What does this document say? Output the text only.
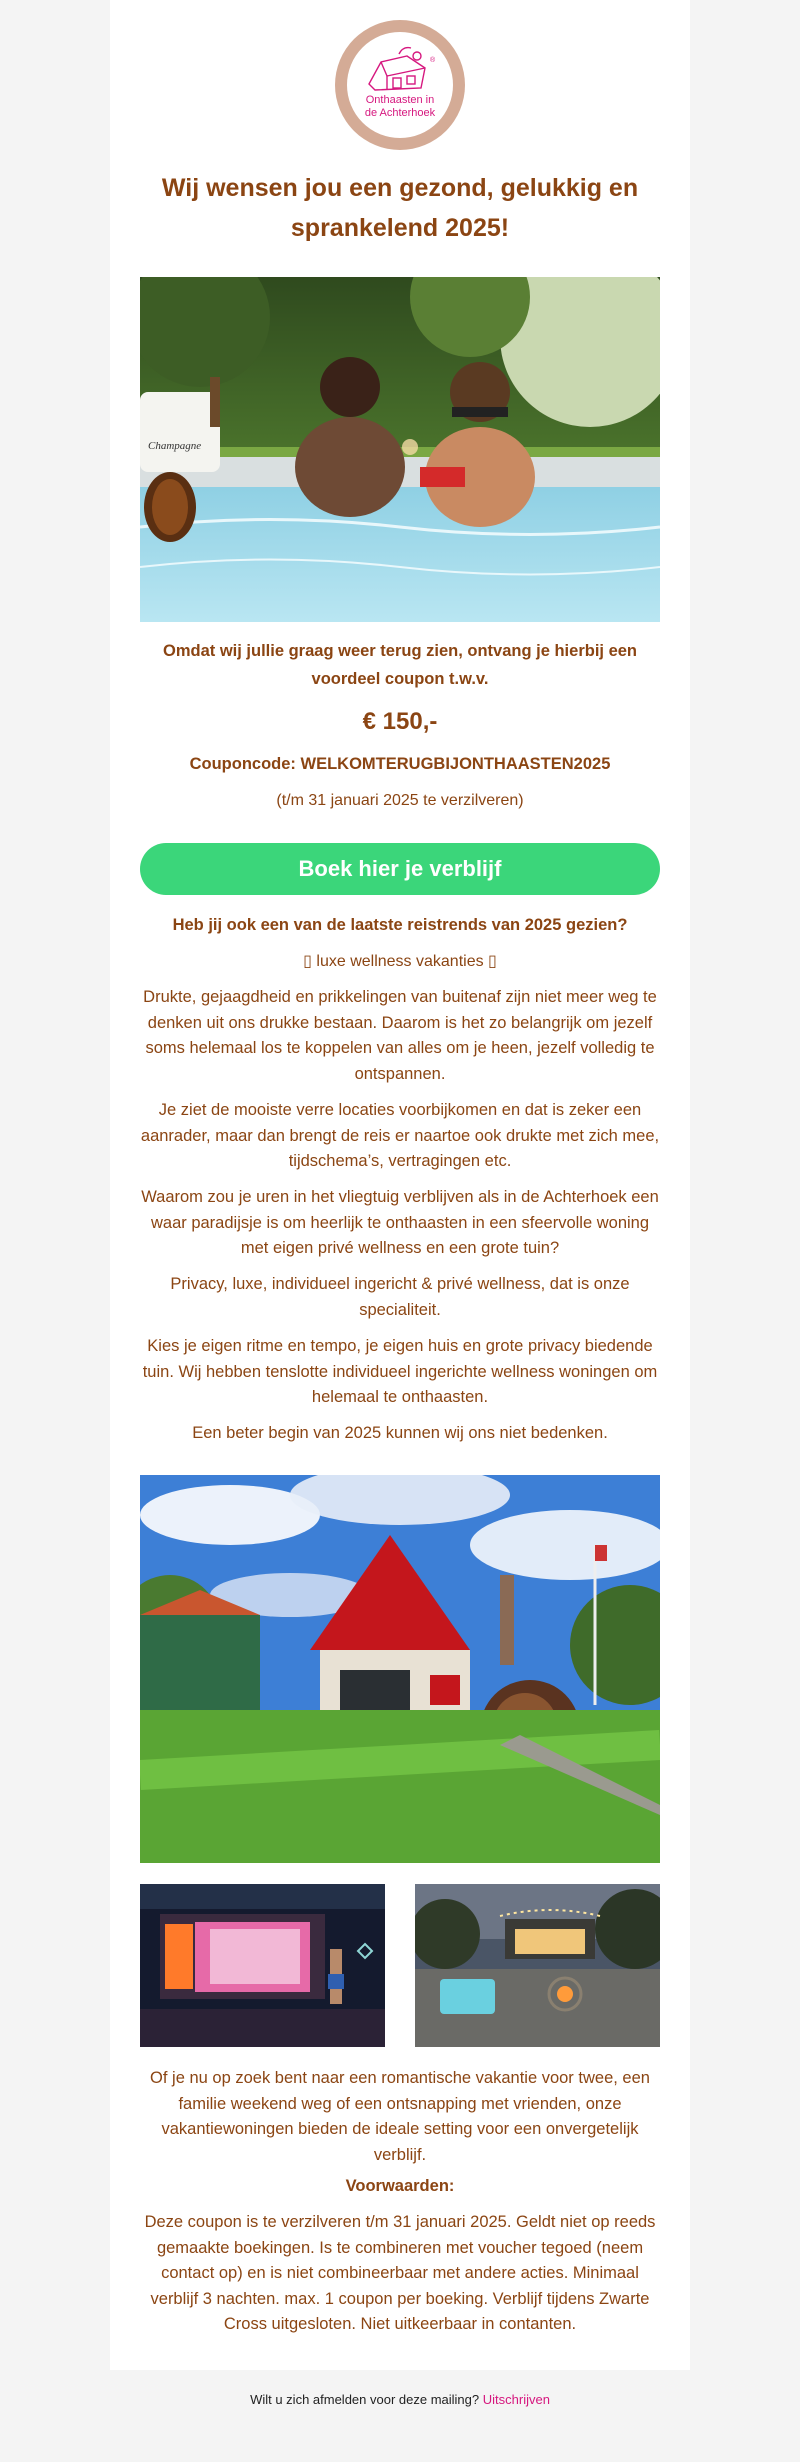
®
Onthaasten in
de Achterhoek
Wij wensen jou een gezond, gelukkig en sprankelend 2025!
Champagne
Omdat wij jullie graag weer terug zien, ontvang je hierbij een voordeel coupon t.w.v.
€ 150,-
Couponcode: WELKOMTERUGBIJONTHAASTEN2025
(t/m 31 januari 2025 te verzilveren)
Boek hier je verblijf
Heb jij ook een van de laatste reistrends van 2025 gezien?
▯ luxe wellness vakanties ▯
Drukte, gejaagdheid en prikkelingen van buitenaf zijn niet meer weg te denken uit ons drukke bestaan. Daarom is het zo belangrijk om jezelf soms helemaal los te koppelen van alles om je heen, jezelf volledig te ontspannen.
Je ziet de mooiste verre locaties voorbijkomen en dat is zeker een aanrader, maar dan brengt de reis er naartoe ook drukte met zich mee, tijdschema’s, vertragingen etc.
Waarom zou je uren in het vliegtuig verblijven als in de Achterhoek een waar paradijsje is om heerlijk te onthaasten in een sfeervolle woning met eigen privé wellness en een grote tuin?
Privacy, luxe, individueel ingericht & privé wellness, dat is onze specialiteit.
Kies je eigen ritme en tempo, je eigen huis en grote privacy biedende tuin. Wij hebben tenslotte individueel ingerichte wellness woningen om helemaal te onthaasten.
Een beter begin van 2025 kunnen wij ons niet bedenken.
Of je nu op zoek bent naar een romantische vakantie voor twee, een familie weekend weg of een ontsnapping met vrienden, onze vakantiewoningen bieden de ideale setting voor een onvergetelijk verblijf.
Voorwaarden:
Deze coupon is te verzilveren t/m 31 januari 2025. Geldt niet op reeds gemaakte boekingen. Is te combineren met voucher tegoed (neem contact op) en is niet combineerbaar met andere acties. Minimaal verblijf 3 nachten. max. 1 coupon per boeking. Verblijf tijdens Zwarte Cross uitgesloten. Niet uitkeerbaar in contanten.
Wilt u zich afmelden voor deze mailing? Uitschrijven
